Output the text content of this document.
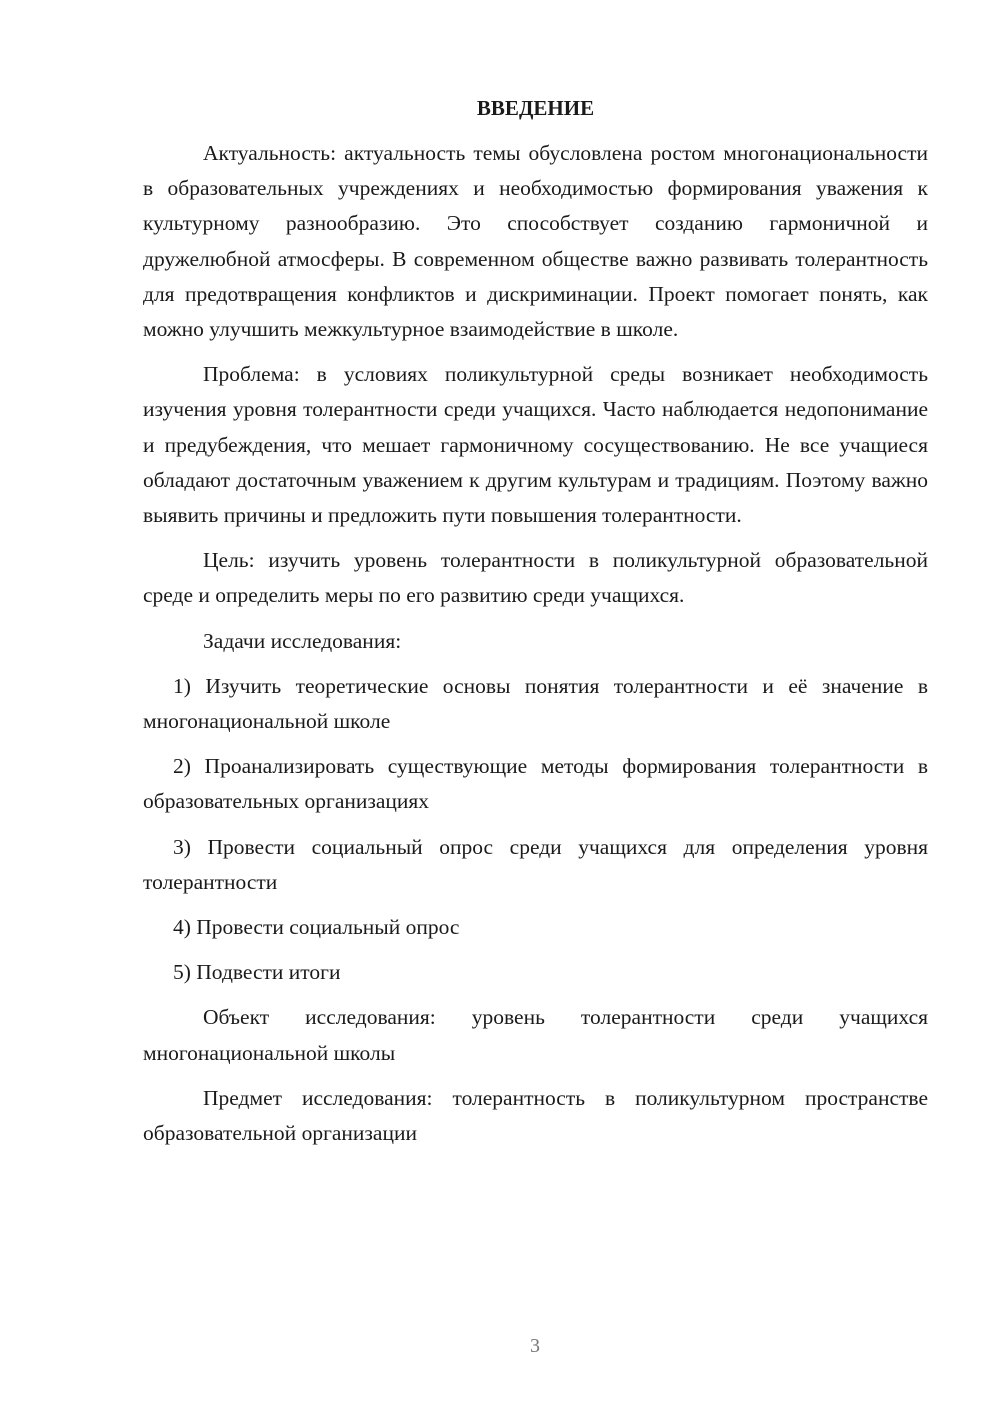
ВВЕДЕНИЕ

Актуальность: актуальность темы обусловлена ростом многонациональности в образовательных учреждениях и необходимостью формирования уважения к культурному разнообразию. Это способствует созданию гармоничной и дружелюбной атмосферы. В современном обществе важно развивать толерантность для предотвращения конфликтов и дискриминации. Проект помогает понять, как можно улучшить межкультурное взаимодействие в школе.

Проблема: в условиях поликультурной среды возникает необходимость изучения уровня толерантности среди учащихся. Часто наблюдается недопонимание и предубеждения, что мешает гармоничному сосуществованию. Не все учащиеся обладают достаточным уважением к другим культурам и традициям. Поэтому важно выявить причины и предложить пути повышения толерантности.

Цель: изучить уровень толерантности в поликультурной образовательной среде и определить меры по его развитию среди учащихся.

Задачи исследования:

1) Изучить теоретические основы понятия толерантности и её значение в многонациональной школе

2) Проанализировать существующие методы формирования толерантности в образовательных организациях

3) Провести социальный опрос среди учащихся для определения уровня толерантности

4) Провести социальный опрос

5) Подвести итоги

Объект исследования: уровень толерантности среди учащихся многонациональной школы

Предмет исследования: толерантность в поликультурном пространстве образовательной организации

3
